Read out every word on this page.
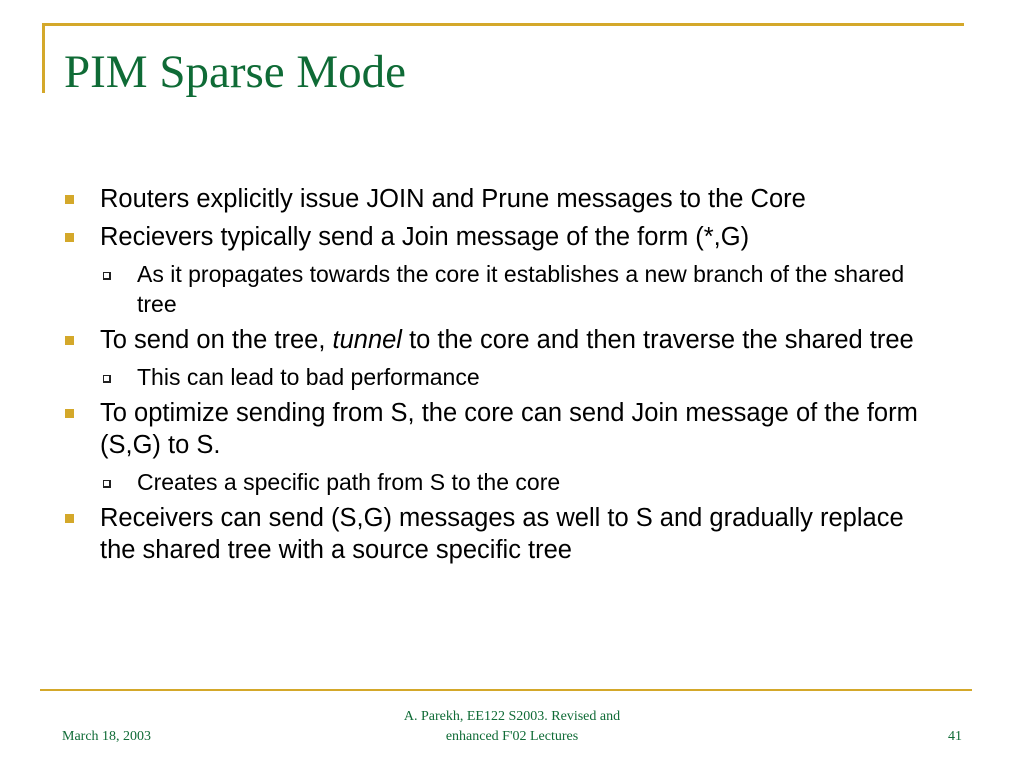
PIM Sparse Mode
Routers explicitly issue JOIN and Prune messages to the Core
Recievers typically send a Join message of the form (*,G)
As it propagates towards the core it establishes a new branch of the shared tree
To send on the tree, tunnel to the core and then traverse the shared tree
This can lead to bad performance
To optimize sending from S, the core can send Join message of the form (S,G) to S.
Creates a specific path from S to the core
Receivers can send (S,G) messages as well to S and gradually replace the shared tree with a source specific tree
March 18, 2003
A. Parekh, EE122 S2003. Revised and
enhanced F'02 Lectures	41
